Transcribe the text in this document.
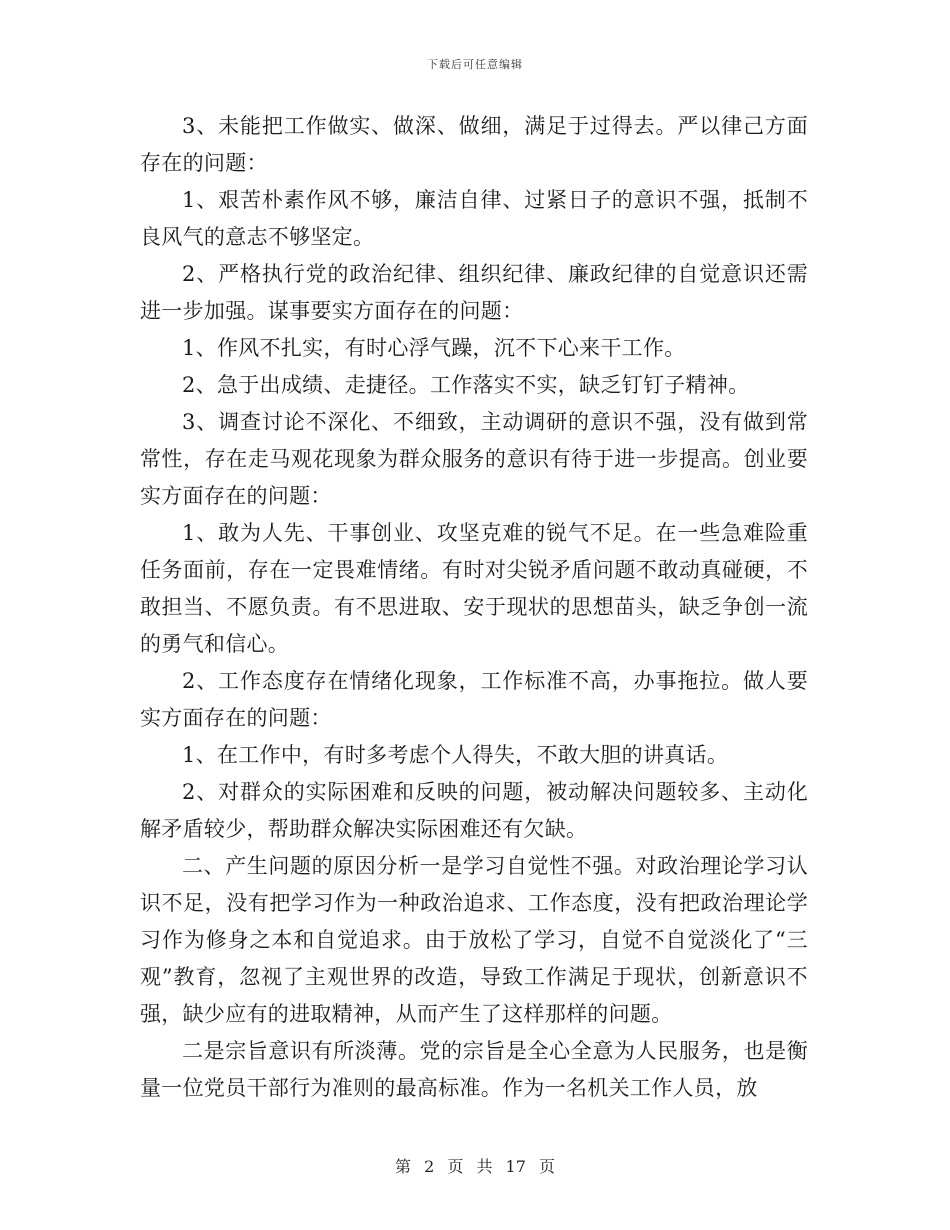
下载后可任意编辑

3、未能把工作做实、做深、做细，满足于过得去。严以律己方面存在的问题：

1、艰苦朴素作风不够，廉洁自律、过紧日子的意识不强，抵制不良风气的意志不够坚定。

2、严格执行党的政治纪律、组织纪律、廉政纪律的自觉意识还需进一步加强。谋事要实方面存在的问题：

1、作风不扎实，有时心浮气躁，沉不下心来干工作。

2、急于出成绩、走捷径。工作落实不实，缺乏钉钉子精神。

3、调查讨论不深化、不细致，主动调研的意识不强，没有做到常常性，存在走马观花现象为群众服务的意识有待于进一步提高。创业要实方面存在的问题：

1、敢为人先、干事创业、攻坚克难的锐气不足。在一些急难险重任务面前，存在一定畏难情绪。有时对尖锐矛盾问题不敢动真碰硬，不敢担当、不愿负责。有不思进取、安于现状的思想苗头，缺乏争创一流的勇气和信心。

2、工作态度存在情绪化现象，工作标准不高，办事拖拉。做人要实方面存在的问题：

1、在工作中，有时多考虑个人得失，不敢大胆的讲真话。

2、对群众的实际困难和反映的问题，被动解决问题较多、主动化解矛盾较少，帮助群众解决实际困难还有欠缺。

二、产生问题的原因分析一是学习自觉性不强。对政治理论学习认识不足，没有把学习作为一种政治追求、工作态度，没有把政治理论学习作为修身之本和自觉追求。由于放松了学习，自觉不自觉淡化了“三观”教育，忽视了主观世界的改造，导致工作满足于现状，创新意识不强，缺少应有的进取精神，从而产生了这样那样的问题。

二是宗旨意识有所淡薄。党的宗旨是全心全意为人民服务，也是衡量一位党员干部行为准则的最高标准。作为一名机关工作人员，放

第 2 页 共 17 页
